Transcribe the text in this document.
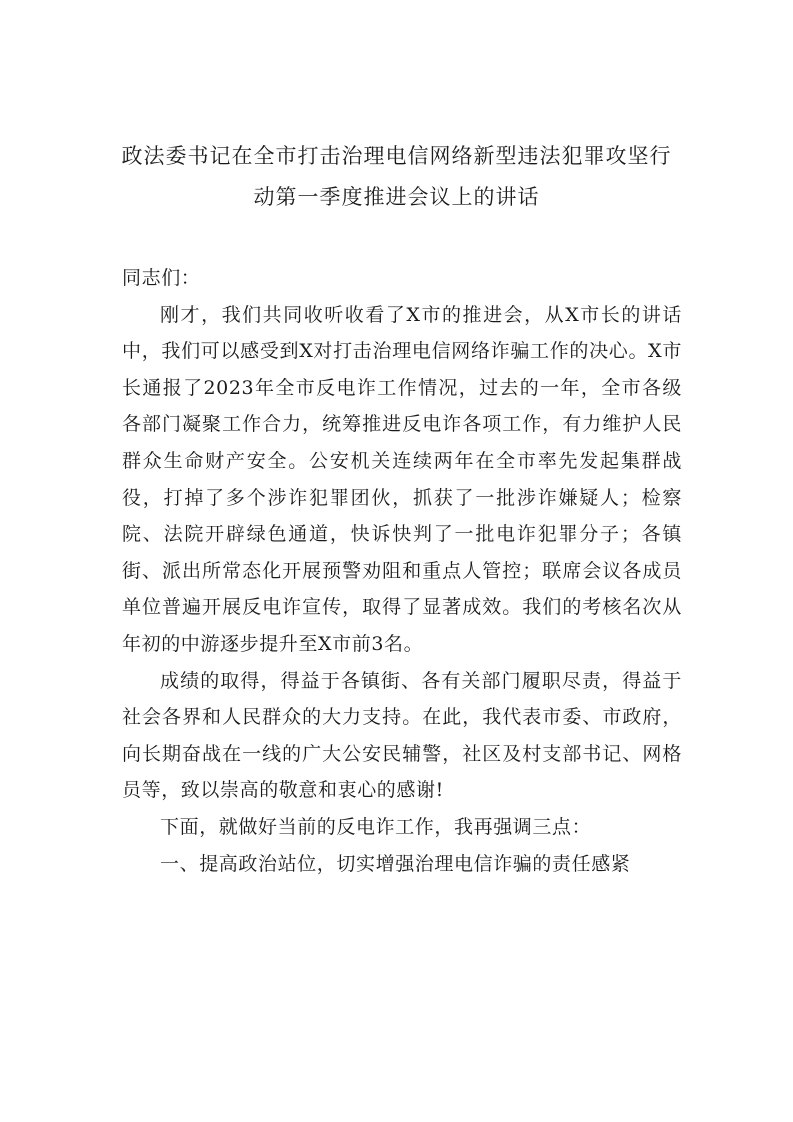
政法委书记在全市打击治理电信网络新型违法犯罪攻坚行
动第一季度推进会议上的讲话

同志们：

刚才，我们共同收听收看了X市的推进会，从X市长的讲话中，我们可以感受到X对打击治理电信网络诈骗工作的决心。X市长通报了2023年全市反电诈工作情况，过去的一年，全市各级各部门凝聚工作合力，统筹推进反电诈各项工作，有力维护人民群众生命财产安全。公安机关连续两年在全市率先发起集群战役，打掉了多个涉诈犯罪团伙，抓获了一批涉诈嫌疑人；检察院、法院开辟绿色通道，快诉快判了一批电诈犯罪分子；各镇街、派出所常态化开展预警劝阻和重点人管控；联席会议各成员单位普遍开展反电诈宣传，取得了显著成效。我们的考核名次从年初的中游逐步提升至X市前3名。

成绩的取得，得益于各镇街、各有关部门履职尽责，得益于社会各界和人民群众的大力支持。在此，我代表市委、市政府，向长期奋战在一线的广大公安民辅警，社区及村支部书记、网格员等，致以崇高的敬意和衷心的感谢!

下面，就做好当前的反电诈工作，我再强调三点：

一、提高政治站位，切实增强治理电信诈骗的责任感紧
